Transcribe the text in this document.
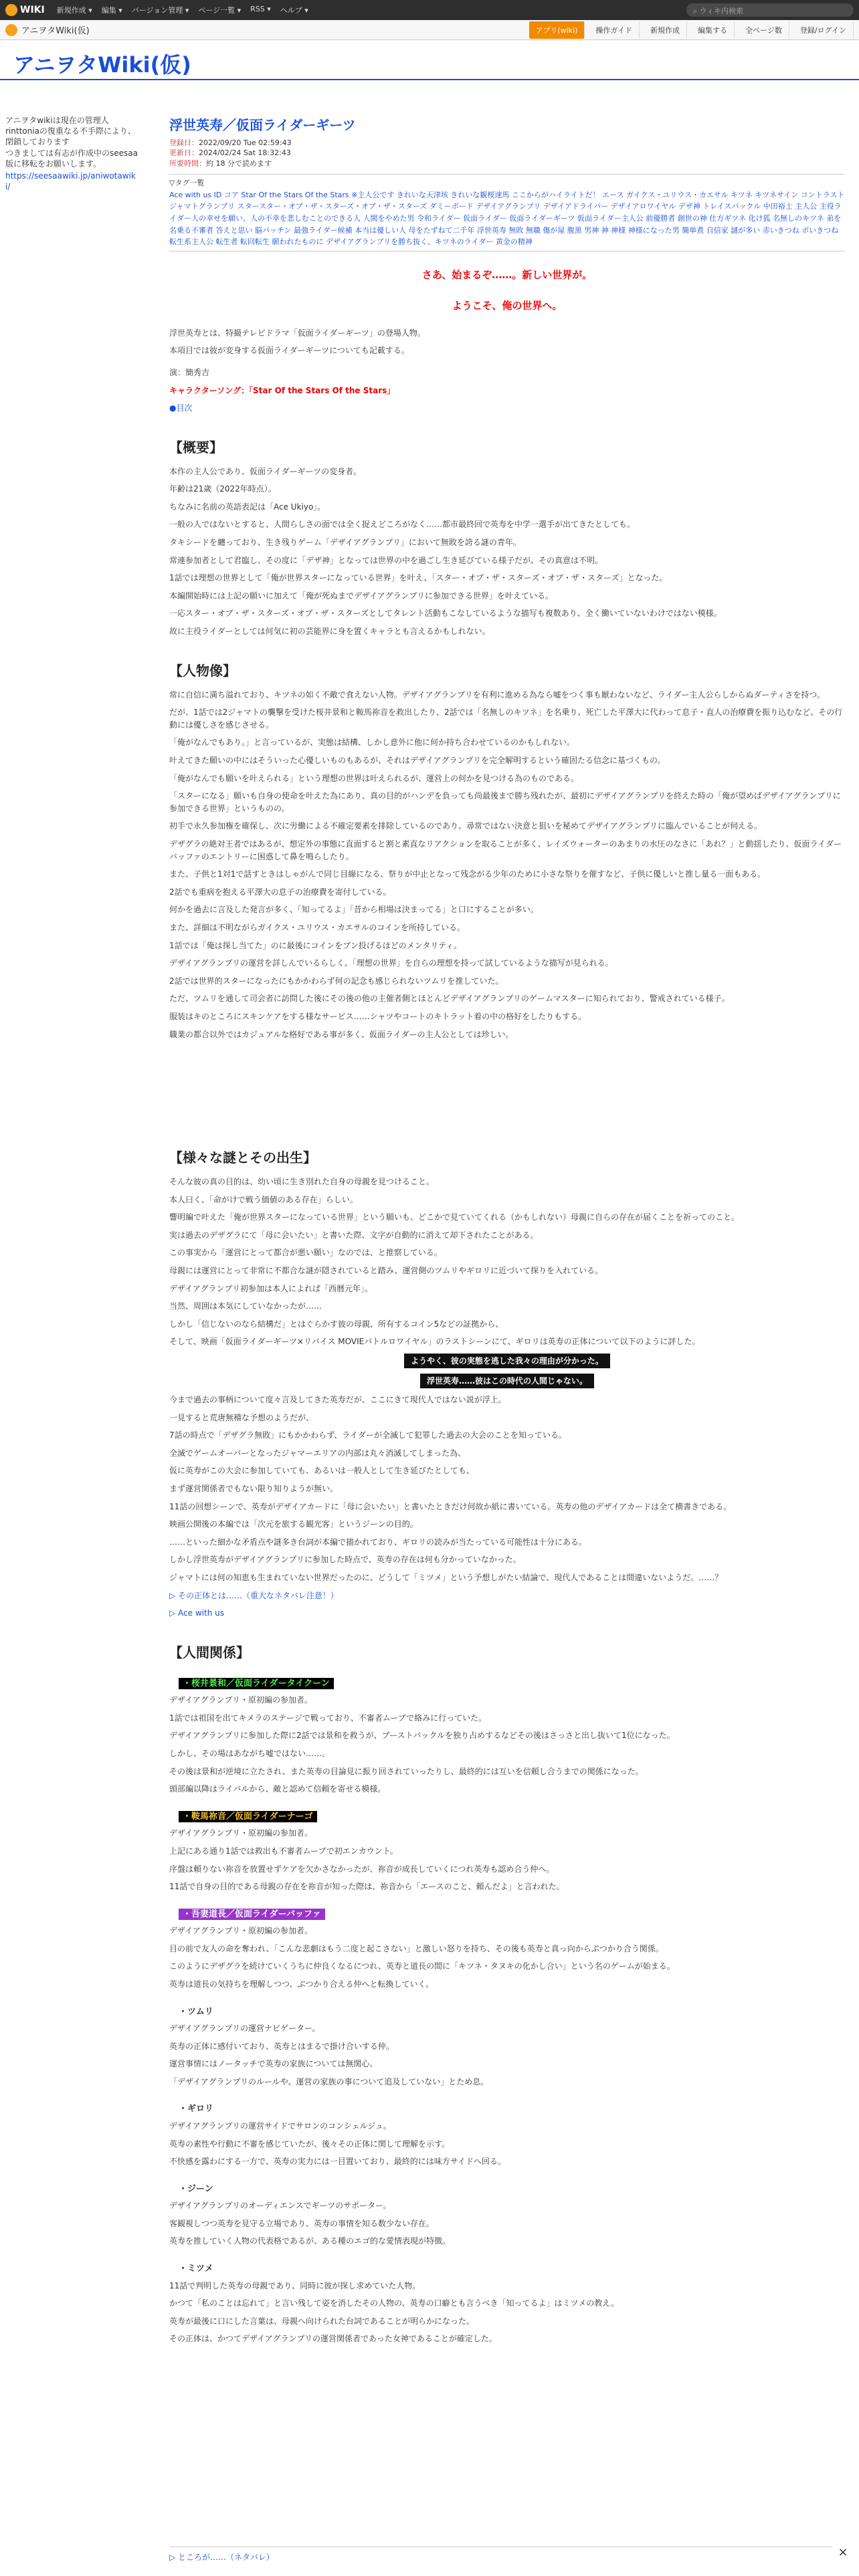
WIKI 新規作成 ▾ 編集 ▾ バージョン管理 ▾ ページ一覧 ▾ RSS ▾ ヘルプ ▾	⌕ ウィキ内検索
アニヲタWiki(仮)	アプリ(wiki)	操作ガイド	新規作成	編集する	全ページ数	登録/ログイン
アニヲタWiki(仮)
アニヲタwikiは現在の管理人rinttoniaの復重なる不手際により、閉鎖しております
つきましては有志が作成中のseesaa版に移転をお願いします。
https://seesaawiki.jp/aniwotawiki/
浮世英寿／仮面ライダーギーツ
登録日：2022/09/20 Tue 02:59:43
更新日：2024/02/24 Sat 18:32:43
所要時間：約 18 分で読めます
▽タグ一覧
Ace with us ID コア Star Of the Stars Of the Stars ※主人公です きれいな天津垓 きれいな観桜速馬 ここからがハイライトだ！ エース ガイクス・ユリウス・カエサル キツネ キツネサイン コントラスト ジャマトグランプリ スタースター・オブ・ザ・スターズ・オブ・ザ・スターズ ダミーボード デザイアグランプリ デザイアドライバー デザイアロワイヤル デザ神 トレイスバックル 中田裕士 主人公 主役ライダー人の幸せを願い、人の不幸を悲しむことのできる人 人間をやめた男 令和ライダー 仮面ライダー 仮面ライダーギーツ 仮面ライダー主人公 前優勝者 創世の神 仕方ギツネ 化け狐 名無しのキツネ 弟を名乗る不審者 答えと思い 脳パッチン 最強ライダー候補 本当は優しい人 母をたずねて二千年 浮世英寿 無敗 無職 傷が屋 腹黒 男神 神 神様 神様になった男 簡単煮 自信家 謎が多い 赤いきつね ボいきつね 転生系主人公 転生者 転回転生 願われたものに デザイアグランプリを勝ち抜く、キツネのライダー 黄金の精神
さあ、始まるぞ……。新しい世界が。
ようこそ、俺の世界へ。
浮世英寿とは、特撮テレビドラマ「仮面ライダーギーツ」の登場人物。
本項目では彼が変身する仮面ライダーギーツについても記載する。
演：簡秀吉
キャラクターソング：「Star Of the Stars Of the Stars」
●目次
【概要】
本作の主人公であり、仮面ライダーギーツの変身者。
年齢は21歳（2022年時点）。
ちなみに名前の英語表記は「Ace Ukiyo」。
一般の人ではないとすると、人間らしさの面では全く捉えどころがなく……都市最終回で英寿を中学一選手が出てきたとしても。
タキシードを纏っており、生き残りゲーム「デザイアグランプリ」において無敗を誇る謎の青年。
常連参加者として君臨し、その度に「デザ神」となっては世界の中を過ごし生き延びている様子だが、その真意は不明。
1話では理想の世界として「俺が世界スターになっている世界」を叶え、「スター・オブ・ザ・スターズ・オブ・ザ・スターズ」となった。
本編開始時には上記の願いに加えて「俺が死ぬまでデザイアグランプリに参加できる世界」を叶えている。
一応スター・オブ・ザ・スターズ・オブ・ザ・スターズとしてタレント活動もこなしているような描写も複数あり、全く働いていないわけではない模様。
故に主役ライダーとしては何気に初の芸能界に身を置くキャラとも言えるかもしれない。
【人物像】
常に自信に満ち溢れており、キツネの如く不敵で食えない人物。デザイアグランプリを有利に進める為なら嘘をつく事も厭わないなど、ライダー主人公らしからぬダーティさを持つ。
だが、1話では2ジャマトの襲撃を受けた桜井景和と鞍馬祢音を救出したり、2話では「名無しのキツネ」を名乗り、死亡した平澤大に代わって息子・直人の治療費を振り込むなど、その行動には優しさを感じさせる。
「俺がなんでもあり。」と言っているが、実態は結構、しかし意外に他に何か持ち合わせているのかもしれない。
叶えてきた願いの中にはそういった心優しいものもあるが、それはデザイアグランプリを完全解明するという確固たる信念に基づくもの。
「俺がなんでも願いを叶えられる」という理想の世界は叶えられるが、運営上の何かを見つける為のものである。
「スターになる」願いも自身の使命を叶えた為にあり、真の目的がハンデを負っても尚最後まで勝ち残れたが、最初にデザイアグランプリを終えた時の「俺が望めばデザイアグランプリに参加できる世界」というものの。
初手で永久参加権を確保し、次に労働による不確定要素を排除しているのであり、尋常ではない決意と狙いを秘めてデザイアグランプリに臨んでいることが伺える。
デザグラの絶対王者ではあるが、想定外の事態に直面すると割と素直なリアクションを取ることが多く、レイズウォーターのあまりの水圧のなさに「あれ？」と動揺したり、仮面ライダーバッファのエントリーに困惑して鼻を鳴らしたり。
また、子供と1対1で話すときはしゃがんで同じ目線になる、祭りが中止となって残念がる少年のために小さな祭りを催すなど、子供に優しいと推し量る一面もある。
2話でも重病を抱える平澤大の息子の治療費を寄付している。
何かを過去に言及した発言が多く、「知ってるよ」「昔から相場は決まってる」と口にすることが多い。
また、詳細は不明ながらガイクス・ユリウス・カエサルのコインを所持している。
1話では「俺は探し当てた」のに最後にコインをブン投げるほどのメンタリティ。
デザイアグランプリの運営を詳しんでいるらしく、「理想の世界」を自らの理想を持って試しているような描写が見られる。
2話では世界的スターになったにもかかわらず何の記念も感じられないツムリを推していた。
ただ、ツムリを通して司会者に訪問した後にその後の他の主催者側とほとんどデザイアグランプリのゲームマスターに知られており、警戒されている様子。
服装はキのところにスキンケアをする様なサービス……シャツやコートのキトラット着の中の格好をしたりもする。
職業の都合以外ではカジュアルな格好である事が多く、仮面ライダーの主人公としては珍しい。
【様々な謎とその出生】
そんな彼の真の目的は、幼い頃に生き別れた自身の母親を見つけること。
本人曰く、「命がけで戦う価値のある存在」らしい。
響明編で叶えた「俺が世界スターになっている世界」という願いも、どこかで見ていてくれる（かもしれない）母親に自らの存在が届くことを祈ってのこと。
実は過去のデザグラにて「母に会いたい」と書いた際、文字が自動的に消えて却下されたことがある。
この事実から「運営にとって都合が悪い願い」なのでは、と推察している。
母親には運営にとって非常に不都合な謎が隠されていると踏み、運営側のツムリやギロリに近づいて探りを入れている。
デザイアグランプリ初参加は本人によれば「西暦元年」。
当然、周囲は本気にしていなかったが……
しかし「信じないのなら結構だ」とはぐらかす彼の母親、所有するコイン5などの証拠から、
そして、映画「仮面ライダーギーツ×リバイス MOVIEバトルロワイヤル」のラストシーンにて、ギロリは英寿の正体について以下のように評した。
ようやく、彼の実態を逃した我々の理由が分かった。
浮世英寿……彼はこの時代の人間じゃない。
今まで過去の事柄について度々言及してきた英寿だが、ここにきて現代人ではない説が浮上。
一見すると荒唐無稽な予想のようだが、
7話の時点で「デザグラ無敗」にもかかわらず、ライダーが全滅して犯罪した過去の大会のことを知っている。
全滅でゲームオーバーとなったジャマーエリアの内部は丸々消滅してしまった為、
仮に英寿がこの大会に参加していても、あるいは一般人として生き延びたとしても、
まず運営関係者でもない限り知りようが無い。
11話の回想シーンで、英寿がデザイアカードに「母に会いたい」と書いたときだけ何故か紙に書いている。英寿の他のデザイアカードは全て横書きである。
映画公開後の本編では「次元を旅する観光客」というジーンの目的。
……といった細かな矛盾点や謎多き台詞が本編で描かれており、ギロリの読みが当たっている可能性は十分にある。
しかし浮世英寿がデザイアグランプリに参加した時点で、英寿の存在は何も分かっていなかった。
ジャマトには何の知恵も生まれていない世界だったのに、どうして「ミツメ」という予想しがたい結論で、現代人であることは間違いないようだ。……？
▷ その正体とは……（重大なネタバレ注意！）
▷ Ace with us
【人間関係】
・桜井景和／仮面ライダータイクーン
デザイアグランプリ・原初編の参加者。
1話では祖国を出てキメラのステージで戦っており、不審者ムーブで絡みに行っていた。
デザイアグランプリに参加した際に2話では景和を救うが、ブーストバックルを独り占めするなどその後はさっさと出し抜いて1位になった。
しかし、その場はあながち嘘ではない……。
その後は景和が逆境に立たされ、また英寿の目論見に振り回されていったりし、最終的には互いを信頼し合うまでの関係になった。
頭部編以降はライバルから、敵と認めて信頼を寄せる模様。
・鞍馬祢音／仮面ライダーナーゴ
デザイアグランプリ・原初編の参加者。
上記にある通り1話では救出も不審者ムーブで初エンカウント。
序盤は頼りない祢音を放置せずケアを欠かさなかったが、祢音が成長していくにつれ英寿も認め合う仲へ。
11話で自身の目的である母親の存在を祢音が知った際は、祢音から「エースのこと、頼んだよ」と言われた。
・吾妻道長／仮面ライダーバッファ
デザイアグランプリ・原初編の参加者。
目の前で友人の命を奪われ、「こんな悲劇はもう二度と起こさない」と激しい怒りを持ち、その後も英寿と真っ向からぶつかり合う関係。
このようにデザグラを続けていくうちに仲良くなるにつれ、英寿と道長の間に「キツネ・タヌキの化かし合い」という名のゲームが始まる。
英寿は道長の気持ちを理解しつつ、ぶつかり合える仲へと転換していく。
・ツムリ
デザイアグランプリの運営ナビゲーター。
英寿の正体に感付いており、英寿とはまるで掛け合いする仲。
運営事情にはノータッチで英寿の家族については無関心。
「デザイアグランプリのルールや、運営の家族の事について追及していない」とため息。
・ギロリ
デザイアグランプリの運営サイドでサロンのコンシェルジュ。
英寿の素性や行動に不審を感じていたが、後々その正体に関して理解を示す。
不快感を露わにする一方で、英寿の実力には一目置いており、最終的には味方サイドへ回る。
・ジーン
デザイアグランプリのオーディエンスでギーツのサポーター。
客観視しつつ英寿を見守る立場であり、英寿の事情を知る数少ない存在。
英寿を推していく人物の代表格であるが、ある種のエゴ的な愛情表現が特徴。
・ミツメ
11話で判明した英寿の母親であり、同時に彼が探し求めていた人物。
かつて「私のことは忘れて」と言い残して姿を消したその人物の、英寿の口癖とも言うべき「知ってるよ」はミツメの教え。
英寿が最後に口にした言葉は、母親へ向けられた台詞であることが明らかになった。
その正体は、かつてデザイアグランプリの運営関係者であった女神であることが確定した。
▷ ところが……（ネタバレ）	×
